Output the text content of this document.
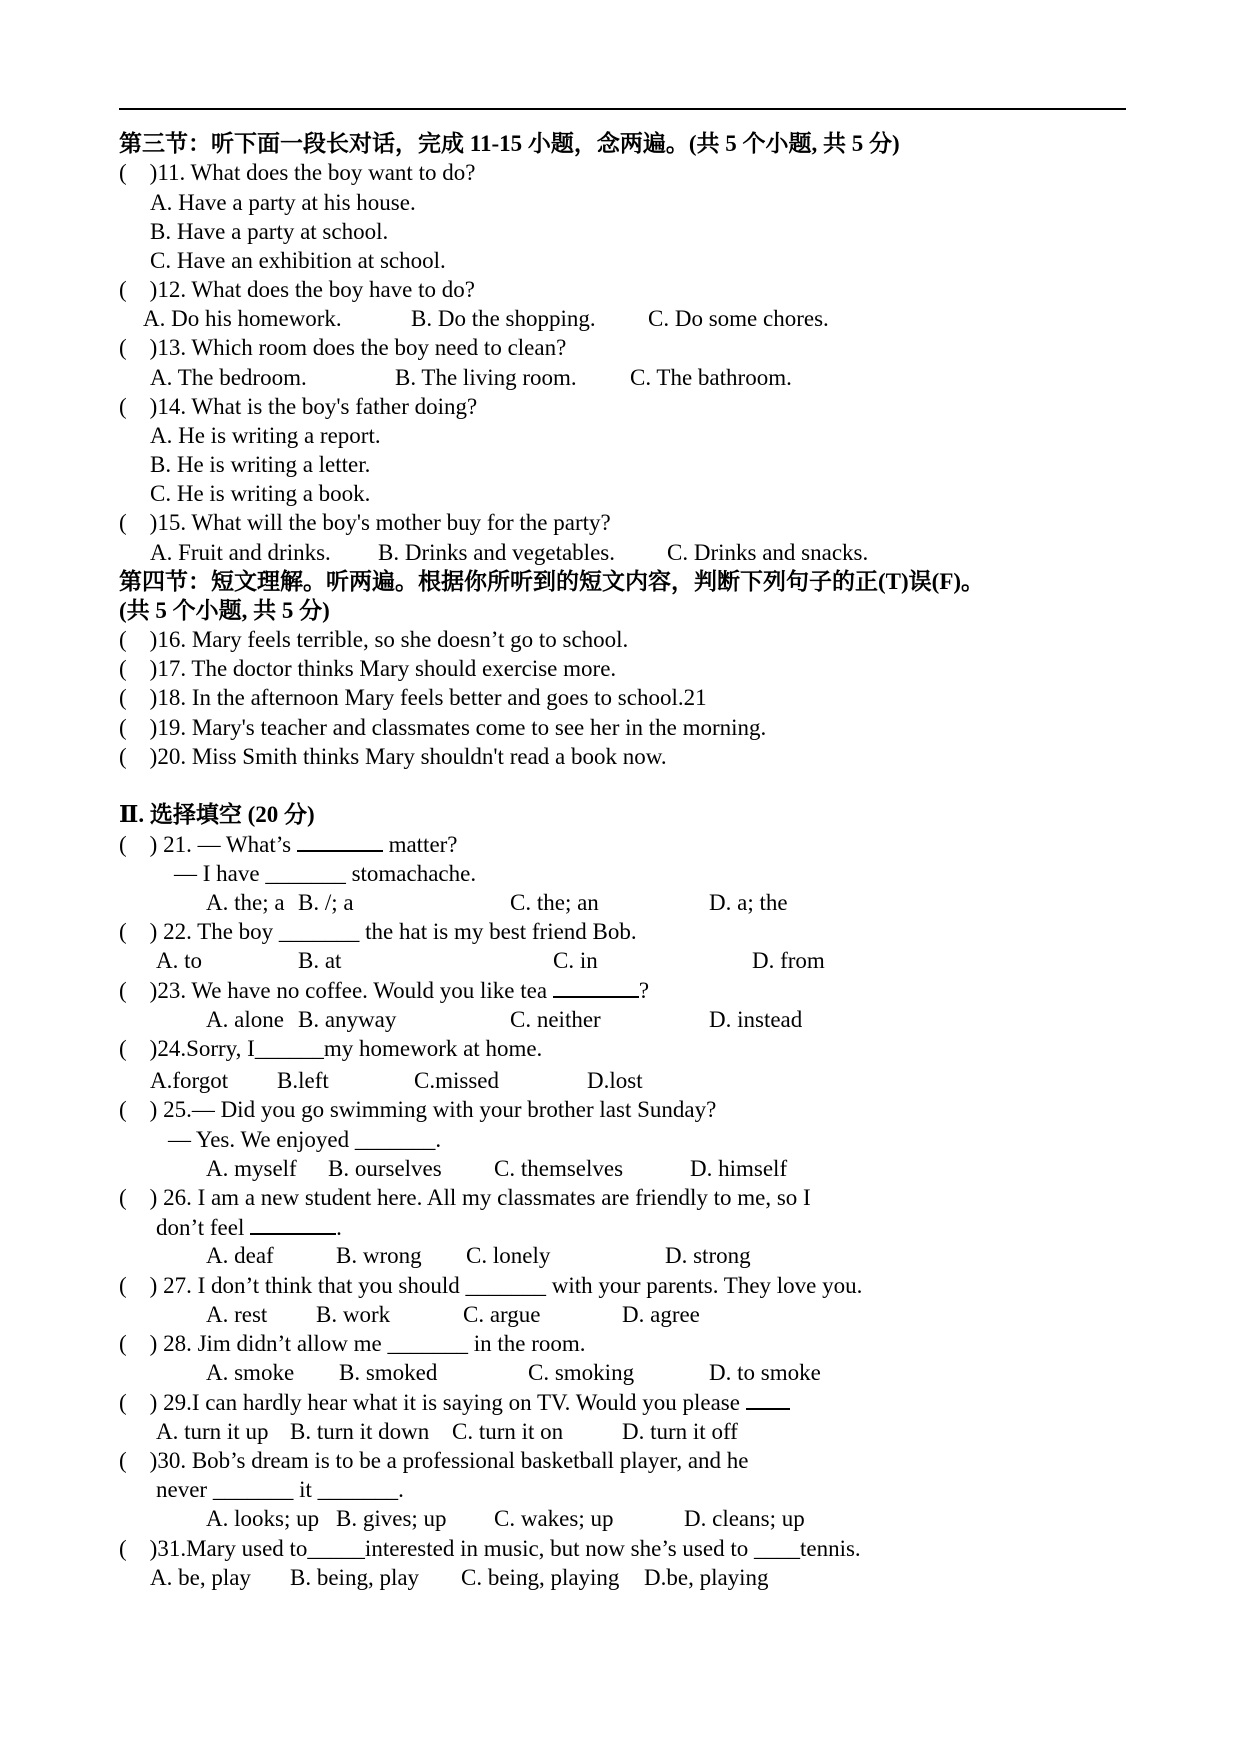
第三节：听下面一段长对话，完成 11-15 小题，念两遍。(共 5 个小题, 共 5 分)
(    )11. What does the boy want to do?
A. Have a party at his house.
B. Have a party at school.
C. Have an exhibition at school.
(    )12. What does the boy have to do?
A. Do his homework.	B. Do the shopping. C. Do some chores.
(    )13. Which room does the boy need to clean?
A. The bedroom.	B. The living room. C. The bathroom.
(    )14. What is the boy's father doing?
A. He is writing a report.
B. He is writing a letter.
C. He is writing a book.
(    )15. What will the boy's mother buy for the party?
A. Fruit and drinks. B. Drinks and vegetables. C. Drinks and snacks.
第四节：短文理解。听两遍。根据你所听到的短文内容，判断下列句子的正(T)误(F)。
(共 5 个小题, 共 5 分)
(    )16. Mary feels terrible, so she doesn’t go to school.
(    )17. The doctor thinks Mary should exercise more.
(    )18. In the afternoon Mary feels better and goes to school.21
(    )19. Mary's teacher and classmates come to see her in the morning.
(    )20. Miss Smith thinks Mary shouldn't read a book now.
Ⅱ. 选择填空 (20 分)
(    ) 21. — What’s	matter?
— I have _______ stomachache.
A. the; a B. /; a	C. the; an	D. a; the
(    ) 22. The boy _______ the hat is my best friend Bob.
A. to	B. at	C. in	D. from
(    )23. We have no coffee. Would you like tea	?
A. alone B. anyway	C. neither	D. instead
(    )24.Sorry, I______my homework at home.
A.forgot B.left	C.missed	D.lost
(    ) 25.— Did you go swimming with your brother last Sunday?
— Yes. We enjoyed _______.
A. myself B. ourselves C. themselves	D. himself
(    ) 26. I am a new student here. All my classmates are friendly to me, so I
don’t feel	.
A. deaf	B. wrong C. lonely	D. strong
(    ) 27. I don’t think that you should _______ with your parents. They love you.
A. rest B. work	C. argue	D. agree
(    ) 28. Jim didn’t allow me _______ in the room.
A. smoke B. smoked	C. smoking	D. to smoke
(    ) 29.I can hardly hear what it is saying on TV. Would you please
A. turn it up B. turn it down C. turn it on	D. turn it off
(    )30. Bob’s dream is to be a professional basketball player, and he
never _______ it _______.
A. looks; up B. gives; up C. wakes; up	D. cleans; up
(    )31.Mary used to_____interested in music, but now she’s used to ____tennis.
A. be, play B. being, play C. being, playing D.be, playing
